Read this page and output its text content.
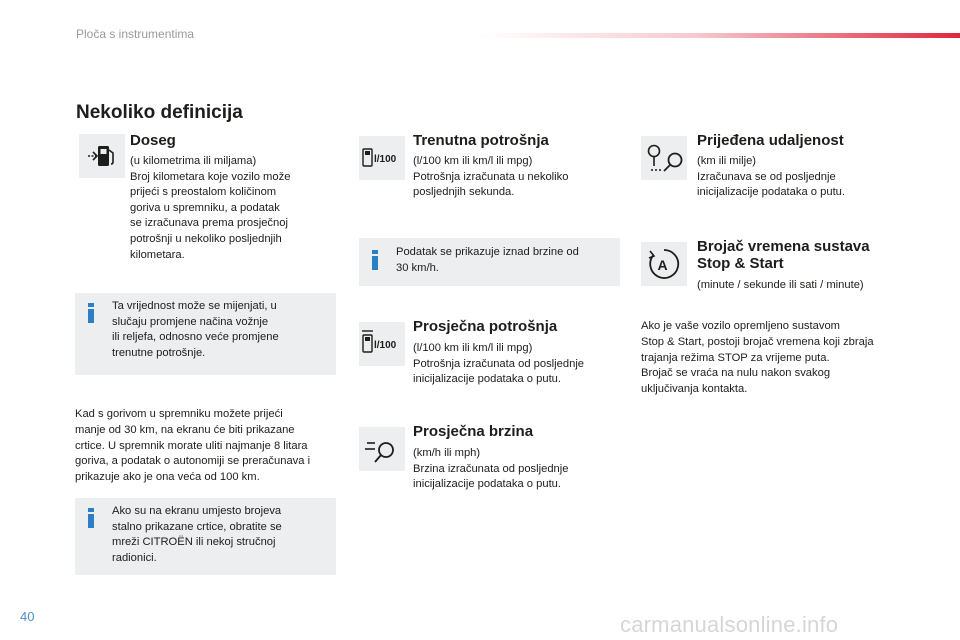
Ploča s instrumentima
Nekoliko definicija
Doseg
(u kilometrima ili miljama)
Broj kilometara koje vozilo može
prijeći s preostalom količinom
goriva u spremniku, a podatak
se izračunava prema prosječnoj
potrošnji u nekoliko posljednjih
kilometara.
Ta vrijednost može se mijenjati, u
slučaju promjene načina vožnje
ili reljefa, odnosno veće promjene
trenutne potrošnje.
Kad s gorivom u spremniku možete prijeći
manje od 30 km, na ekranu će biti prikazane
crtice. U spremnik morate uliti najmanje 8 litara
goriva, a podatak o autonomiji se preračunava i
prikazuje ako je ona veća od 100 km.
Ako su na ekranu umjesto brojeva
stalno prikazane crtice, obratite se
mreži CITROËN ili nekoj stručnoj
radionici.
l/100
Trenutna potrošnja
(l/100 km ili km/l ili mpg)
Potrošnja izračunata u nekoliko
posljednjih sekunda.
Podatak se prikazuje iznad brzine od
30 km/h.
l/100
Prosječna potrošnja
(l/100 km ili km/l ili mpg)
Potrošnja izračunata od posljednje
inicijalizacije podataka o putu.
Prosječna brzina
(km/h ili mph)
Brzina izračunata od posljednje
inicijalizacije podataka o putu.
Prijeđena udaljenost
(km ili milje)
Izračunava se od posljednje
inicijalizacije podataka o putu.
A
Brojač vremena sustava
Stop & Start
(minute / sekunde ili sati / minute)
Ako je vaše vozilo opremljeno sustavom
Stop & Start, postoji brojač vremena koji zbraja
trajanja režima STOP za vrijeme puta.
Brojač se vraća na nulu nakon svakog
uključivanja kontakta.
40	carmanualsonline.info
